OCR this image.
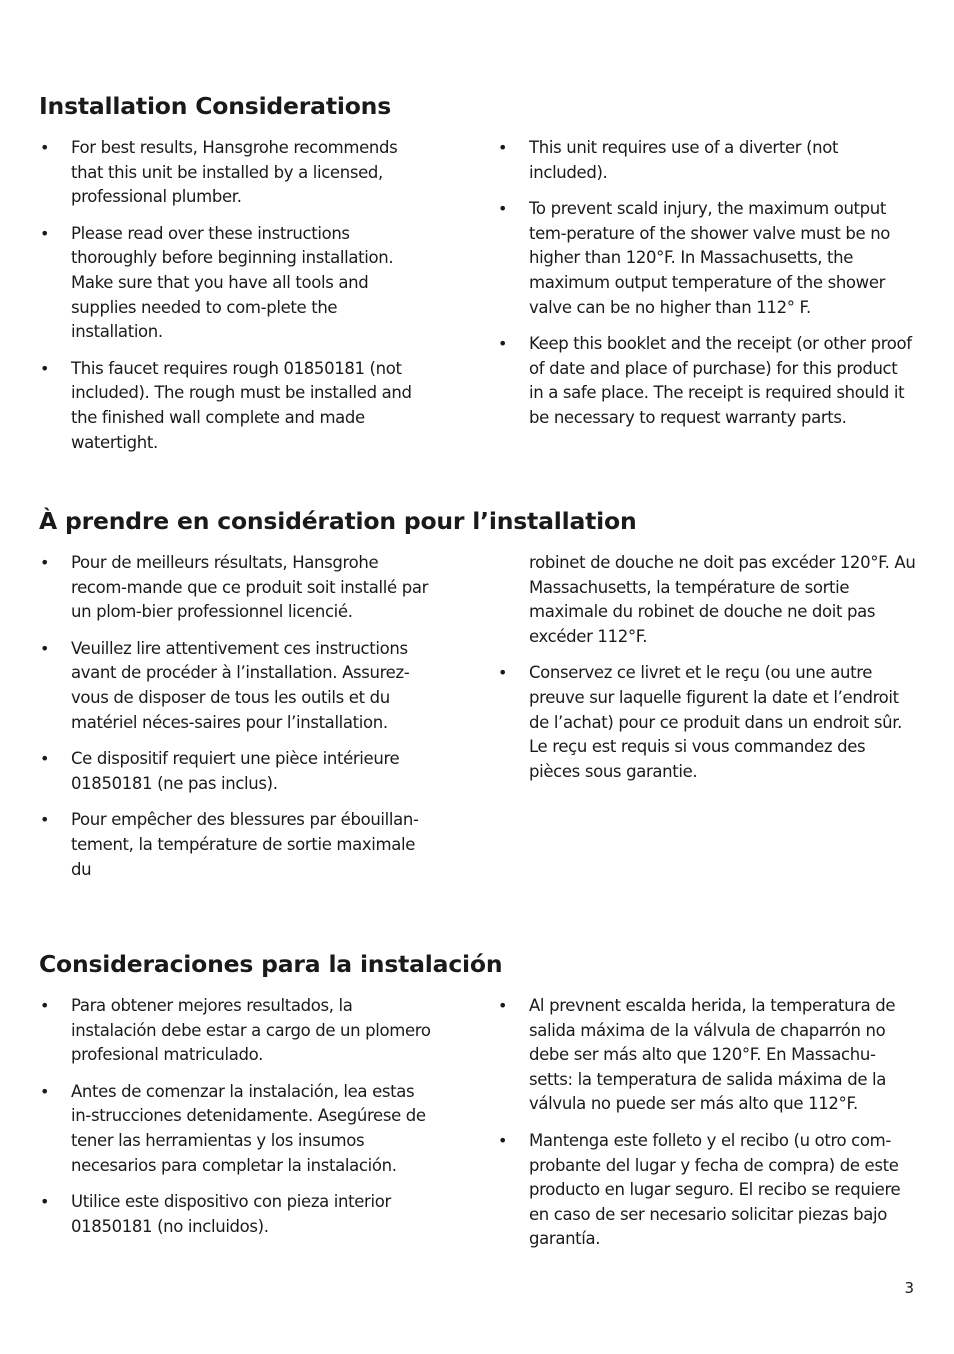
Installation Considerations
• For best results, Hansgrohe recommends that this unit be installed by a licensed, professional plumber.
• Please read over these instructions thoroughly before beginning installation. Make sure that you have all tools and supplies needed to com-plete the installation.
• This faucet requires rough 01850181 (not included). The rough must be installed and the finished wall complete and made watertight.
• This unit requires use of a diverter (not included).
• To prevent scald injury, the maximum output tem-perature of the shower valve must be no higher than 120°F. In Massachusetts, the maximum output temperature of the shower valve can be no higher than 112° F.
• Keep this booklet and the receipt (or other proof of date and place of purchase) for this product in a safe place. The receipt is required should it be necessary to request warranty parts.
À prendre en considération pour l’installation
• Pour de meilleurs résultats, Hansgrohe recom-mande que ce produit soit installé par un plom-bier professionnel licencié.
• Veuillez lire attentivement ces instructions avant de procéder à l’installation. Assurez-vous de disposer de tous les outils et du matériel néces-saires pour l’installation.
• Ce dispositif requiert une pièce intérieure 01850181 (ne pas inclus).
• Pour empêcher des blessures par ébouillan-tement, la température de sortie maximale du
robinet de douche ne doit pas excéder 120°F. Au Massachusetts, la température de sortie maximale du robinet de douche ne doit pas excéder 112°F.
• Conservez ce livret et le reçu (ou une autre preuve sur laquelle figurent la date et l’endroit de l’achat) pour ce produit dans un endroit sûr. Le reçu est requis si vous commandez des pièces sous garantie.
Consideraciones para la instalación
• Para obtener mejores resultados, la instalación debe estar a cargo de un plomero profesional matriculado.
• Antes de comenzar la instalación, lea estas in-strucciones detenidamente. Asegúrese de tener las herramientas y los insumos necesarios para completar la instalación.
• Utilice este dispositivo con pieza interior 01850181 (no incluidos).
• Al prevnent escalda herida, la temperatura de salida máxima de la válvula de chaparrón no debe ser más alto que 120°F. En Massachu-setts: la temperatura de salida máxima de la válvula no puede ser más alto que 112°F.
• Mantenga este folleto y el recibo (u otro com-probante del lugar y fecha de compra) de este producto en lugar seguro. El recibo se requiere en caso de ser necesario solicitar piezas bajo garantía.
3
